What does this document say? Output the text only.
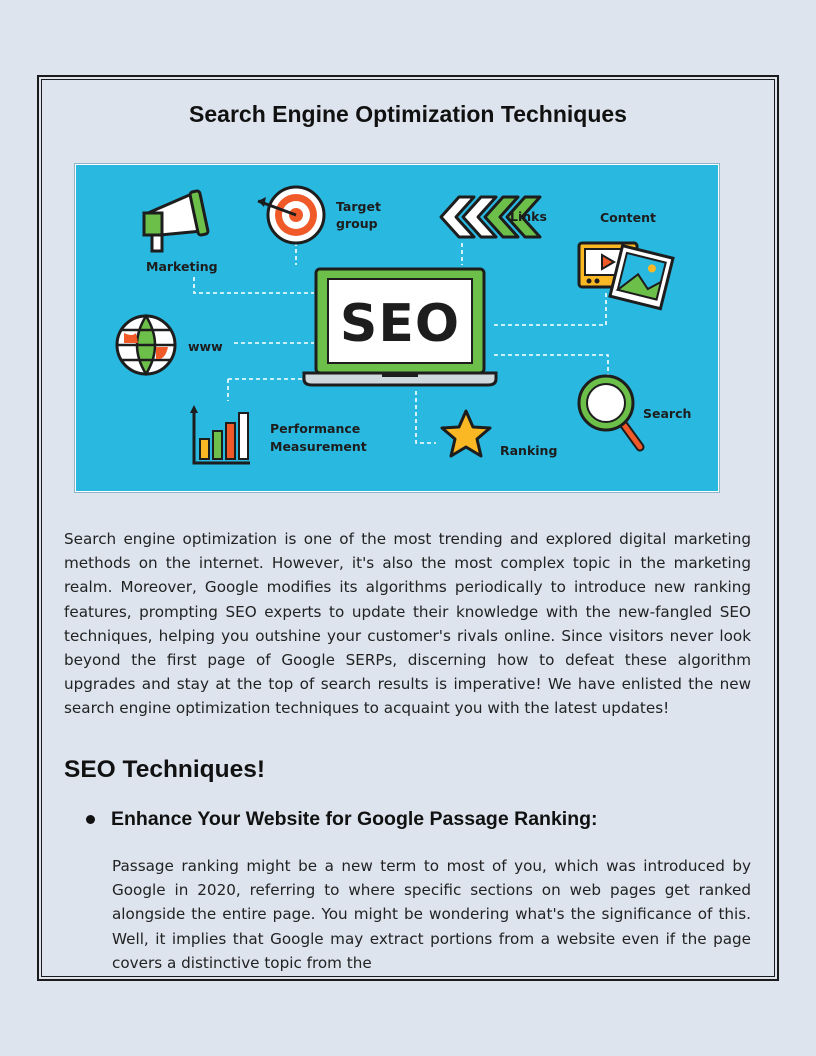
Search Engine Optimization Techniques
Marketing
Target
group	Links	Content
SEO
www
Performance
Measurement	Ranking
Search

Search engine optimization is one of the most trending and explored digital marketing methods on the internet. However, it's also the most complex topic in the marketing realm. Moreover, Google modifies its algorithms periodically to introduce new ranking features, prompting SEO experts to update their knowledge with the new-fangled SEO techniques, helping you outshine your customer's rivals online. Since visitors never look beyond the first page of Google SERPs, discerning how to defeat these algorithm upgrades and stay at the top of search results is imperative! We have enlisted the new search engine optimization techniques to acquaint you with the latest updates!

SEO Techniques!
Enhance Your Website for Google Passage Ranking:

Passage ranking might be a new term to most of you, which was introduced by Google in 2020, referring to where specific sections on web pages get ranked alongside the entire page. You might be wondering what's the significance of this. Well, it implies that Google may extract portions from a website even if the page covers a distinctive topic from the
